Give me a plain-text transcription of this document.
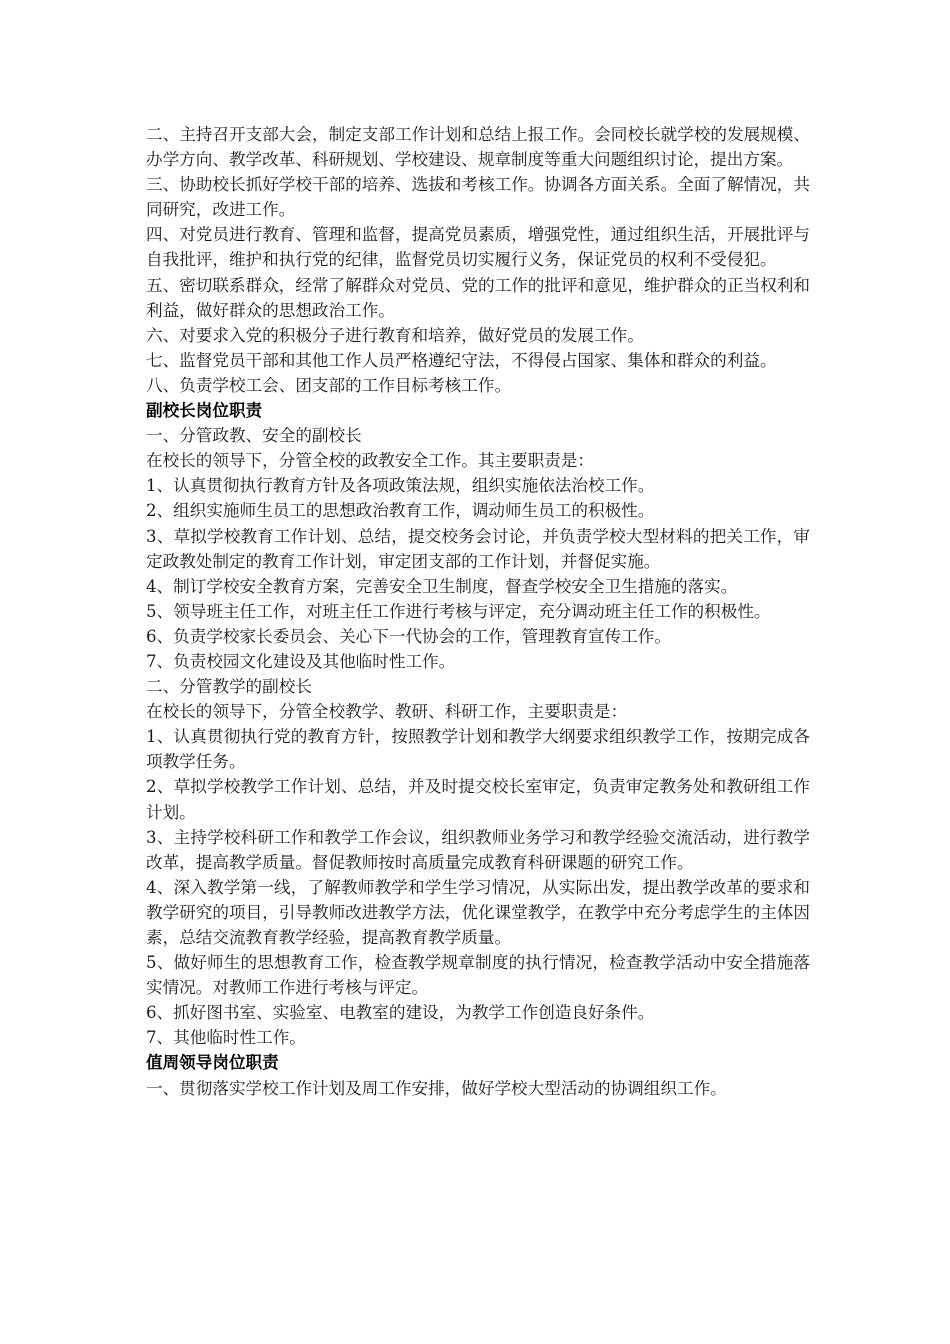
二、主持召开支部大会，制定支部工作计划和总结上报工作。会同校长就学校的发展规模、办学方向、教学改革、科研规划、学校建设、规章制度等重大问题组织讨论，提出方案。

三、协助校长抓好学校干部的培养、选拔和考核工作。协调各方面关系。全面了解情况，共同研究，改进工作。

四、对党员进行教育、管理和监督，提高党员素质，增强党性，通过组织生活，开展批评与自我批评，维护和执行党的纪律，监督党员切实履行义务，保证党员的权利不受侵犯。

五、密切联系群众，经常了解群众对党员、党的工作的批评和意见，维护群众的正当权利和利益，做好群众的思想政治工作。

六、对要求入党的积极分子进行教育和培养，做好党员的发展工作。

七、监督党员干部和其他工作人员严格遵纪守法，不得侵占国家、集体和群众的利益。

八、负责学校工会、团支部的工作目标考核工作。

副校长岗位职责

一、分管政教、安全的副校长

在校长的领导下，分管全校的政教安全工作。其主要职责是：

1、认真贯彻执行教育方针及各项政策法规，组织实施依法治校工作。

2、组织实施师生员工的思想政治教育工作，调动师生员工的积极性。

3、草拟学校教育工作计划、总结，提交校务会讨论，并负责学校大型材料的把关工作，审定政教处制定的教育工作计划，审定团支部的工作计划，并督促实施。

4、制订学校安全教育方案，完善安全卫生制度，督查学校安全卫生措施的落实。

5、领导班主任工作，对班主任工作进行考核与评定，充分调动班主任工作的积极性。

6、负责学校家长委员会、关心下一代协会的工作，管理教育宣传工作。

7、负责校园文化建设及其他临时性工作。

二、分管教学的副校长

在校长的领导下，分管全校教学、教研、科研工作，主要职责是：

1、认真贯彻执行党的教育方针，按照教学计划和教学大纲要求组织教学工作，按期完成各项教学任务。

2、草拟学校教学工作计划、总结，并及时提交校长室审定，负责审定教务处和教研组工作计划。

3、主持学校科研工作和教学工作会议，组织教师业务学习和教学经验交流活动，进行教学改革，提高教学质量。督促教师按时高质量完成教育科研课题的研究工作。

4、深入教学第一线，了解教师教学和学生学习情况，从实际出发，提出教学改革的要求和教学研究的项目，引导教师改进教学方法，优化课堂教学，在教学中充分考虑学生的主体因素，总结交流教育教学经验，提高教育教学质量。

5、做好师生的思想教育工作，检查教学规章制度的执行情况，检查教学活动中安全措施落实情况。对教师工作进行考核与评定。

6、抓好图书室、实验室、电教室的建设，为教学工作创造良好条件。

7、其他临时性工作。

值周领导岗位职责

一、贯彻落实学校工作计划及周工作安排，做好学校大型活动的协调组织工作。
